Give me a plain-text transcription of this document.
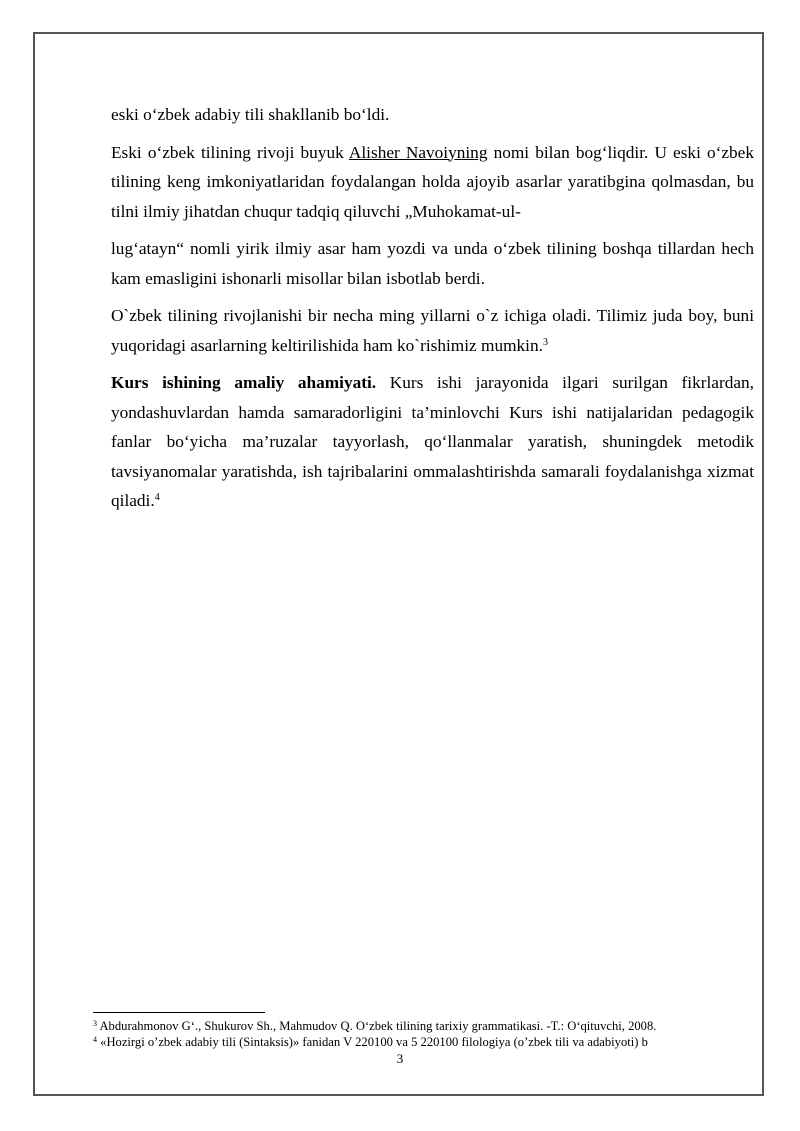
eski o‘zbek adabiy tili shakllanib bo‘ldi.

Eski o‘zbek tilining rivoji buyuk Alisher Navoiyning nomi bilan bog‘liqdir. U eski o‘zbek tilining keng imkoniyatlaridan foydalangan holda ajoyib asarlar yaratibgina qolmasdan, bu tilni ilmiy jihatdan chuqur tadqiq qiluvchi „Muhokamat-ul-

lug‘atayn“ nomli yirik ilmiy asar ham yozdi va unda o‘zbek tilining boshqa tillardan hech kam emasligini ishonarli misollar bilan isbotlab berdi.

O`zbek tilining rivojlanishi bir necha ming yillarni o`z ichiga oladi. Tilimiz juda boy, buni yuqoridagi asarlarning keltirilishida ham ko`rishimiz mumkin.$^3$

Kurs ishining amaliy ahamiyati. Kurs ishi jarayonida ilgari surilgan fikrlardan, yondashuvlardan hamda samaradorligini ta’minlovchi Kurs ishi natijalaridan pedagogik fanlar bo‘yicha ma’ruzalar tayyorlash, qo‘llanmalar yaratish, shuningdek metodik tavsiyanomalar yaratishda, ish tajribalarini ommalashtirishda samarali foydalanishga xizmat qiladi.$^4$

$^3$ Abdurahmonov G‘., Shukurov Sh., Mahmudov Q. O‘zbek tilining tarixiy grammatikasi. -T.: O‘qituvchi, 2008.
$^4$ «Hozirgi o’zbek adabiy tili (Sintaksis)» fanidan V 220100 va 5 220100 filologiya (o’zbek tili va adabiyoti) b
3
